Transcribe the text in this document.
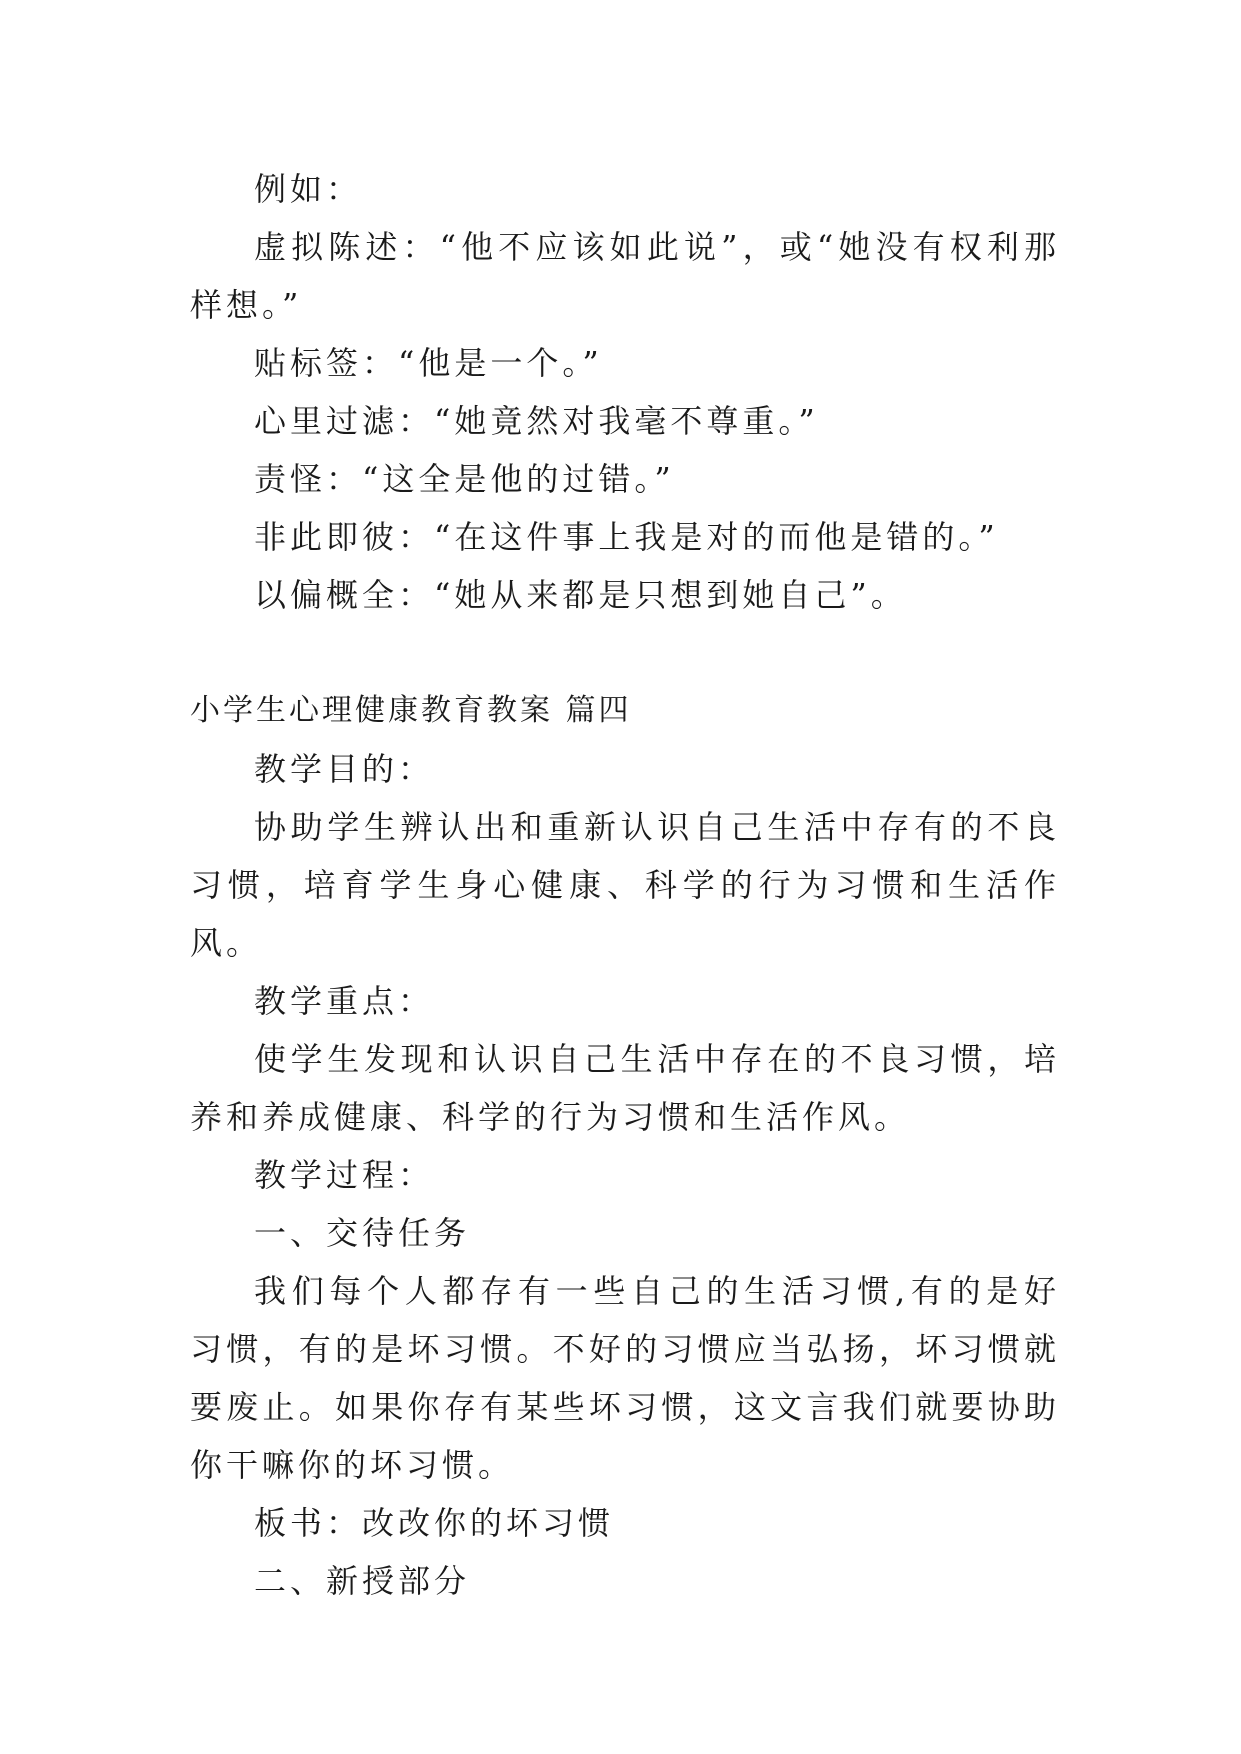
例如：

虚拟陈述：“他不应该如此说”，或“她没有权利那样想。”

贴标签：“他是一个。”

心里过滤：“她竟然对我毫不尊重。”

责怪：“这全是他的过错。”

非此即彼：“在这件事上我是对的而他是错的。”

以偏概全：“她从来都是只想到她自己”。

小学生心理健康教育教案 篇四

教学目的：

协助学生辨认出和重新认识自己生活中存有的不良习惯，培育学生身心健康、科学的行为习惯和生活作风。

教学重点：

使学生发现和认识自己生活中存在的不良习惯，培养和养成健康、科学的行为习惯和生活作风。

教学过程：

一、交待任务

我们每个人都存有一些自己的生活习惯,有的是好习惯，有的是坏习惯。不好的习惯应当弘扬，坏习惯就要废止。如果你存有某些坏习惯，这文言我们就要协助你干嘛你的坏习惯。

板书：改改你的坏习惯

二、新授部分
